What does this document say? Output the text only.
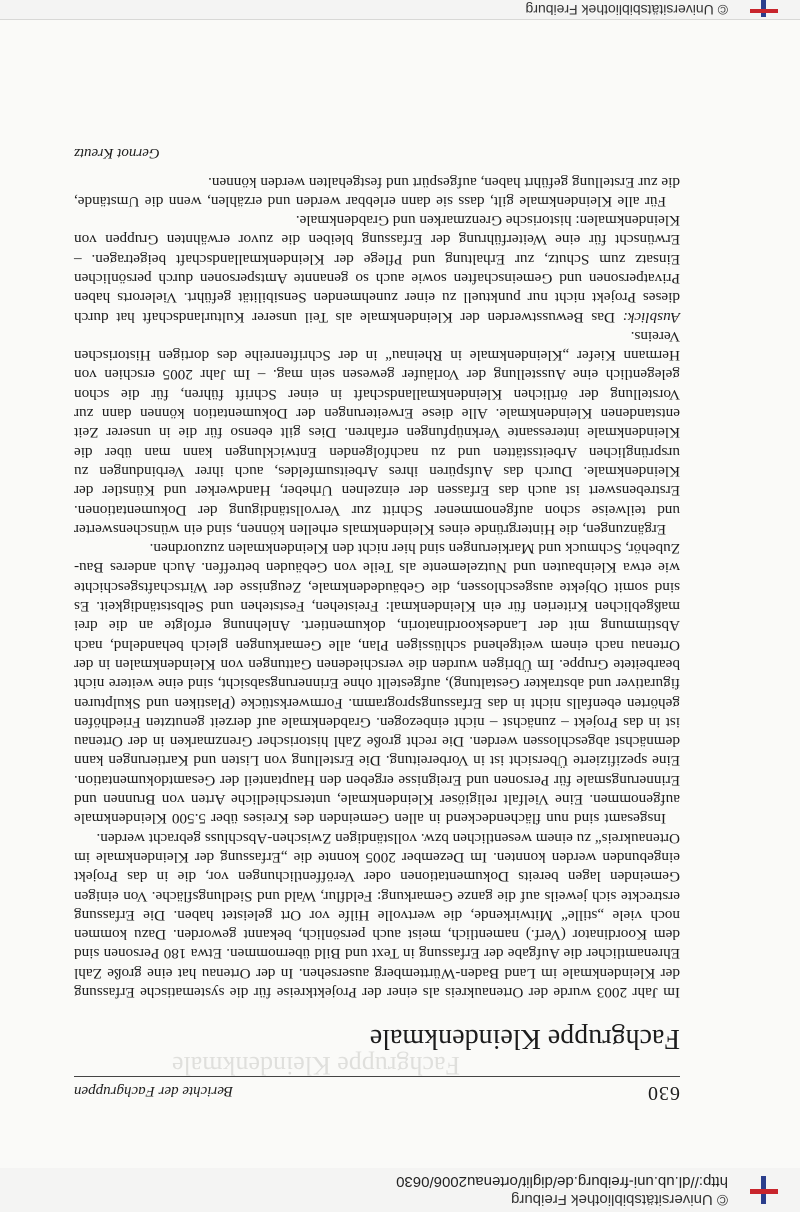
© Universitätsbibliothek Freiburg
http://dl.ub.uni-freiburg.de/diglit/ortenau2006/0630
Fachgruppe Kleindenkmale
630
Berichte der Fachgruppen
Fachgruppe Kleindenkmale

Im Jahr 2003 wurde der Ortenaukreis als einer der Projektkreise für die systematische Erfassung der Kleindenkmale im Land Baden-Württemberg ausersehen. In der Ortenau hat eine große Zahl Ehrenamtlicher die Aufgabe der Erfassung in Text und Bild übernommen. Etwa 180 Personen sind dem Koordinator (Verf.) namentlich, meist auch persönlich, bekannt geworden. Dazu kommen noch viele „stille“ Mitwirkende, die wertvolle Hilfe vor Ort geleistet haben. Die Erfassung erstreckte sich jeweils auf die ganze Gemarkung: Feldflur, Wald und Siedlungsfläche. Von einigen Gemeinden lagen bereits Dokumentationen oder Veröffentlichungen vor, die in das Projekt eingebunden werden konnten. Im Dezember 2005 konnte die „Erfassung der Kleindenkmale im Ortenaukreis“ zu einem wesentlichen bzw. vollständigen Zwischen-Abschluss gebracht werden.

Insgesamt sind nun flächendeckend in allen Gemeinden des Kreises über 5.500 Kleindenkmale aufgenommen. Eine Vielfalt religiöser Kleindenkmale, unterschiedliche Arten von Brunnen und Erinnerungsmale für Personen und Ereignisse ergeben den Hauptanteil der Gesamtdokumentation. Eine spezifizierte Übersicht ist in Vorbereitung. Die Erstellung von Listen und Kartierungen kann demnächst abgeschlossen werden. Die recht große Zahl historischer Grenzmarken in der Ortenau ist in das Projekt – zunächst – nicht einbezogen. Grabdenkmale auf derzeit genutzten Friedhöfen gehörten ebenfalls nicht in das Erfassungsprogramm. Formwerkstücke (Plastiken und Skulpturen figurativer und abstrakter Gestaltung), aufgestellt ohne Erinnerungsabsicht, sind eine weitere nicht bearbeitete Gruppe. Im Übrigen wurden die verschiedenen Gattungen von Kleindenkmalen in der Ortenau nach einem weitgehend schlüssigen Plan, alle Gemarkungen gleich behandelnd, nach Abstimmung mit der Landeskoordinatorin, dokumentiert. Anlehnung erfolgte an die drei maßgeblichen Kriterien für ein Kleindenkmal: Freistehen, Feststehen und Selbstständigkeit. Es sind somit Objekte ausgeschlossen, die Gebäudedenkmale, Zeugnisse der Wirtschaftsgeschichte wie etwa Kleinbauten und Nutzelemente als Teile von Gebäuden betreffen. Auch anderes Bau-Zubehör, Schmuck und Markierungen sind hier nicht den Kleindenkmalen zuzuordnen.

Ergänzungen, die Hintergründe eines Kleindenkmals erhellen können, sind ein wünschenswerter und teilweise schon aufgenommener Schritt zur Vervollständigung der Dokumentationen. Erstrebenswert ist auch das Erfassen der einzelnen Urheber, Handwerker und Künstler der Kleindenkmale. Durch das Aufspüren ihres Arbeitsumfeldes, auch ihrer Verbindungen zu ursprünglichen Arbeitsstätten und zu nachfolgenden Entwicklungen kann man über die Kleindenkmale interessante Verknüpfungen erfahren. Dies gilt ebenso für die in unserer Zeit entstandenen Kleindenkmale. Alle diese Erweiterungen der Dokumentation können dann zur Vorstellung der örtlichen Kleindenkmallandschaft in einer Schrift führen, für die schon gelegentlich eine Ausstellung der Vorläufer gewesen sein mag. – Im Jahr 2005 erschien von Hermann Kiefer „Kleindenkmale in Rheinau“ in der Schriftenreihe des dortigen Historischen Vereins.

Ausblick: Das Bewusstwerden der Kleindenkmale als Teil unserer Kulturlandschaft hat durch dieses Projekt nicht nur punktuell zu einer zunehmenden Sensibilität geführt. Vielerorts haben Privatpersonen und Gemeinschaften sowie auch so genannte Amtspersonen durch persönlichen Einsatz zum Schutz, zur Erhaltung und Pflege der Kleindenkmallandschaft beigetragen. – Erwünscht für eine Weiterführung der Erfassung bleiben die zuvor erwähnten Gruppen von Kleindenkmalen: historische Grenzmarken und Grabdenkmale.

Für alle Kleindenkmale gilt, dass sie dann erlebbar werden und erzählen, wenn die Umstände, die zur Erstellung geführt haben, aufgespürt und festgehalten werden können.

Gernot Kreutz
© Universitätsbibliothek Freiburg
